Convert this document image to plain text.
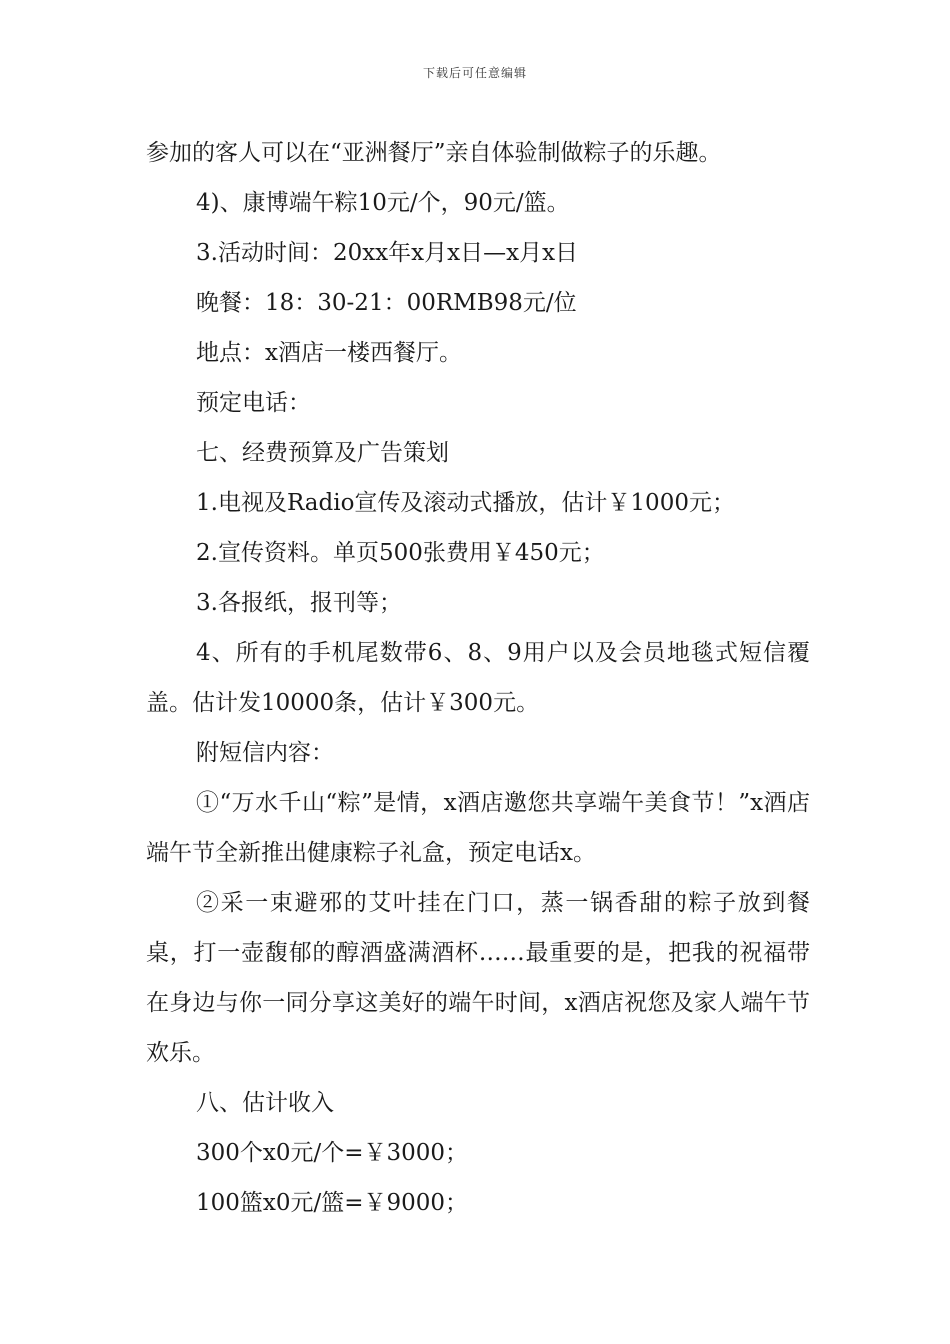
下载后可任意编辑
参加的客人可以在“亚洲餐厅”亲自体验制做粽子的乐趣。
4)、康博端午粽10元/个，90元/篮。
3.活动时间：20xx年x月x日—x月x日
晚餐：18：30-21：00RMB98元/位
地点：x酒店一楼西餐厅。
预定电话：
七、经费预算及广告策划
1.电视及Radio宣传及滚动式播放，估计￥1000元；
2.宣传资料。单页500张费用￥450元；
3.各报纸，报刊等；
4、所有的手机尾数带6、8、9用户以及会员地毯式短信覆盖。估计发10000条，估计￥300元。
附短信内容：
①“万水千山“粽”是情，x酒店邀您共享端午美食节！”x酒店端午节全新推出健康粽子礼盒，预定电话x。
②采一束避邪的艾叶挂在门口，蒸一锅香甜的粽子放到餐桌，打一壶馥郁的醇酒盛满酒杯……最重要的是，把我的祝福带在身边与你一同分享这美好的端午时间，x酒店祝您及家人端午节欢乐。
八、估计收入
300个x0元/个=￥3000；
100篮x0元/篮=￥9000；
